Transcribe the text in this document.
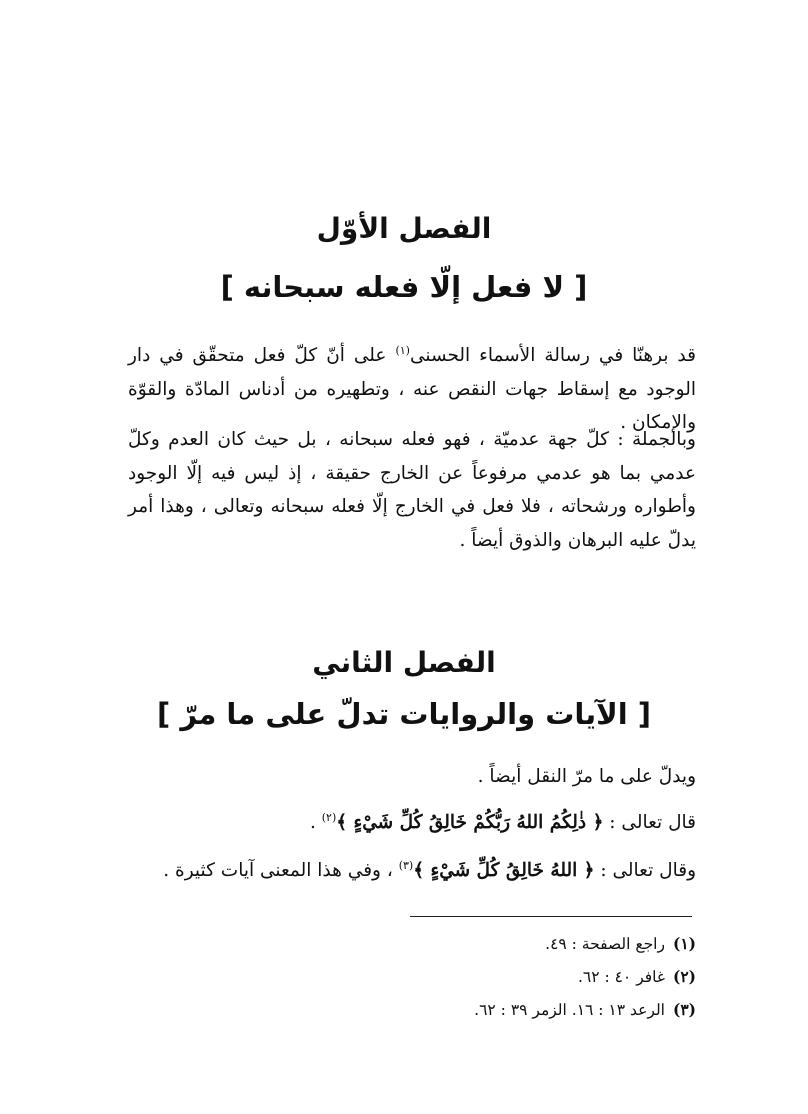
الفصل الأوّل
[ لا فعل إلّا فعله سبحانه ]
قد برهنّا في رسالة الأسماء الحسنى$^{(١)}$ على أنّ كلّ فعل متحقّق في دار الوجود مع إسقاط جهات النقص عنه ، وتطهيره من أدناس المادّة والقوّة والإمكان .
وبالجملة : كلّ جهة عدميّة ، فهو فعله سبحانه ، بل حيث كان العدم وكلّ عدمي بما هو عدمي مرفوعاً عن الخارج حقيقة ، إذ ليس فيه إلّا الوجود وأطواره ورشحاته ، فلا فعل في الخارج إلّا فعله سبحانه وتعالى ، وهذا أمر يدلّ عليه البرهان والذوق أيضاً .
الفصل الثاني
[ الآيات والروايات تدلّ على ما مرّ ]
ويدلّ على ما مرّ النقل أيضاً .
قال تعالى : ﴿ ذٰلِكُمُ اللهُ رَبُّكُمْ خَالِقُ كُلِّ شَيْءٍ ﴾$^{(٢)}$ .
وقال تعالى : ﴿ اللهُ خَالِقُ كُلِّ شَيْءٍ ﴾$^{(٣)}$ ، وفي هذا المعنى آيات كثيرة .
(١)راجع الصفحة : ٤٩.
(٢)غافر ٤٠ : ٦٢.
(٣)الرعد ١٣ : ١٦. الزمر ٣٩ : ٦٢.
